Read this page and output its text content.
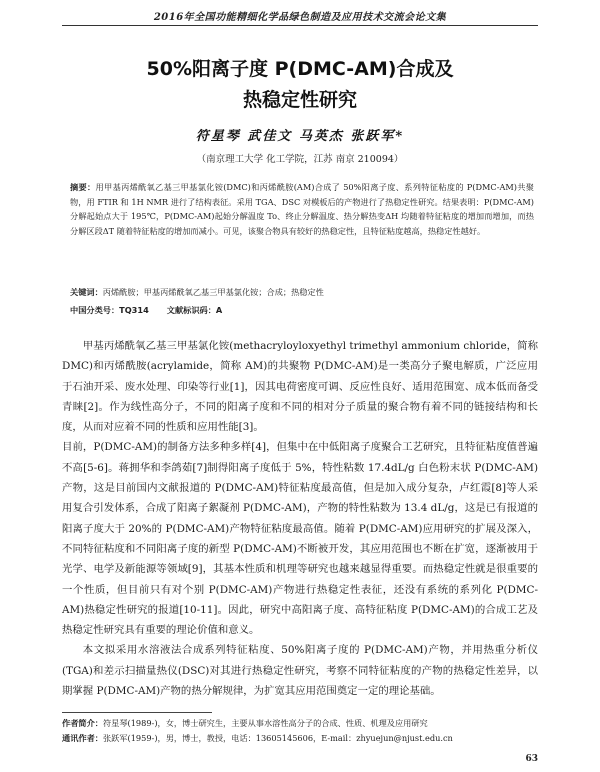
2016年全国功能精细化学品绿色制造及应用技术交流会论文集
50%阳离子度 P(DMC-AM)合成及
热稳定性研究
符星琴 武佳文 马英杰 张跃军*
（南京理工大学 化工学院，江苏 南京 210094）
摘要：用甲基丙烯酰氧乙基三甲基氯化铵(DMC)和丙烯酰胺(AM)合成了 50%阳离子度、系列特征粘度的 P(DMC-AM)共聚物，用 FTIR 和 1H NMR 进行了结构表征。采用 TGA、DSC 对模板后的产物进行了热稳定性研究。结果表明：P(DMC-AM)分解起始点大于 195℃，P(DMC-AM)起始分解温度 To、终止分解温度、热分解热变ΔH 均随着特征粘度的增加而增加，而热分解区段ΔT 随着特征粘度的增加而减小。可见，该聚合物具有较好的热稳定性，且特征粘度越高，热稳定性越好。
关键词：丙烯酰胺；甲基丙烯酰氧乙基三甲基氯化铵；合成；热稳定性
中国分类号：TQ314 文献标识码：A

甲基丙烯酰氧乙基三甲基氯化铵(methacryloyloxyethyl trimethyl ammonium chloride，简称 DMC)和丙烯酰胺(acrylamide，简称 AM)的共聚物 P(DMC-AM)是一类高分子聚电解质，广泛应用于石油开采、废水处理、印染等行业[1]，因其电荷密度可调、反应性良好、适用范围宽、成本低而备受青睐[2]。作为线性高分子，不同的阳离子度和不同的相对分子质量的聚合物有着不同的链接结构和长度，从而对应着不同的性质和应用性能[3]。

目前，P(DMC-AM)的制备方法多种多样[4]，但集中在中低阳离子度聚合工艺研究，且特征粘度值普遍不高[5-6]。蒋拥华和李鸽茹[7]制得阳离子度低于 5%，特性粘数 17.4dL/g 白色粉末状 P(DMC-AM)产物，这是目前国内文献报道的 P(DMC-AM)特征粘度最高值，但是加入成分复杂，卢红霞[8]等人采用复合引发体系，合成了阳离子絮凝剂 P(DMC-AM)，产物的特性粘数为 13.4 dL/g，这是已有报道的阳离子度大于 20%的 P(DMC-AM)产物特征粘度最高值。随着 P(DMC-AM)应用研究的扩展及深入，不同特征粘度和不同阳离子度的新型 P(DMC-AM)不断被开发，其应用范围也不断在扩宽，逐渐被用于光学、电学及新能源等领域[9]，其基本性质和机理等研究也越来越显得重要。而热稳定性就是很重要的一个性质，但目前只有对个别 P(DMC-AM)产物进行热稳定性表征，还没有系统的系列化 P(DMC-AM)热稳定性研究的报道[10-11]。因此，研究中高阳离子度、高特征粘度 P(DMC-AM)的合成工艺及热稳定性研究具有重要的理论价值和意义。

本文拟采用水溶液法合成系列特征粘度、50%阳离子度的 P(DMC-AM)产物，并用热重分析仪(TGA)和差示扫描量热仪(DSC)对其进行热稳定性研究，考察不同特征粘度的产物的热稳定性差异，以期掌握 P(DMC-AM)产物的热分解规律，为扩宽其应用范围奠定一定的理论基础。

作者简介：符星琴(1989-)，女，博士研究生，主要从事水溶性高分子的合成、性质、机理及应用研究
通讯作者：张跃军(1959-)，男，博士，教授，电话：13605145606，E-mail：zhyuejun@njust.edu.cn
63
